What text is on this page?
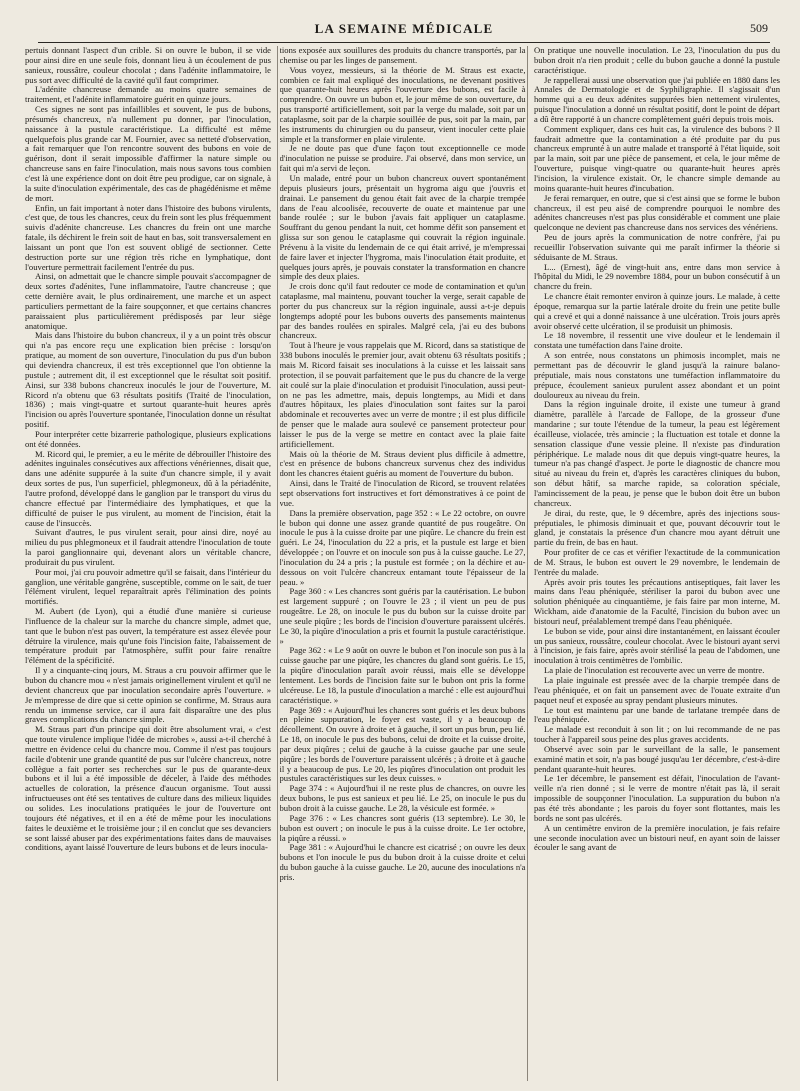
LA SEMAINE MÉDICALE	509

pertuis donnant l'aspect d'un crible. Si on ouvre le bubon, il se vide pour ainsi dire en une seule fois, donnant lieu à un écoulement de pus sanieux, roussâtre, couleur chocolat ; dans l'adénite inflammatoire, le pus sort avec difficulté de la cavité qu'il faut comprimer.

L'adénite chancreuse demande au moins quatre semaines de traitement, et l'adénite inflammatoire guérit en quinze jours.

Ces signes ne sont pas infaillibles et souvent, le pus de bubons, présumés chancreux, n'a nullement pu donner, par l'inoculation, naissance à la pustule caractéristique. La difficulté est même quelquefois plus grande car M. Fournier, avec sa netteté d'observation, a fait remarquer que l'on rencontre souvent des bubons en voie de guérison, dont il serait impossible d'affirmer la nature simple ou chancreuse sans en faire l'inoculation, mais nous savons tous combien c'est là une expérience dont on doit être peu prodigue, car on signale, à la suite d'inoculation expérimentale, des cas de phagédénisme et même de mort.

Enfin, un fait important à noter dans l'histoire des bubons virulents, c'est que, de tous les chancres, ceux du frein sont les plus fréquemment suivis d'adénite chancreuse. Les chancres du frein ont une marche fatale, ils déchirent le frein soit de haut en bas, soit transversalement en laissant un pont que l'on est souvent obligé de sectionner. Cette destruction porte sur une région très riche en lymphatique, dont l'ouverture permettrait facilement l'entrée du pus.

Ainsi, on admettait que le chancre simple pouvait s'accompagner de deux sortes d'adénites, l'une inflammatoire, l'autre chancreuse ; que cette dernière avait, le plus ordinairement, une marche et un aspect particuliers permettant de la faire soupçonner, et que certains chancres paraissaient plus particulièrement prédisposés par leur siège anatomique.

Mais dans l'histoire du bubon chancreux, il y a un point très obscur qui n'a pas encore reçu une explication bien précise : lorsqu'on pratique, au moment de son ouverture, l'inoculation du pus d'un bubon qui deviendra chancreux, il est très exceptionnel que l'on obtienne la pustule ; autrement dit, il est exceptionnel que le résultat soit positif. Ainsi, sur 338 bubons chancreux inoculés le jour de l'ouverture, M. Ricord n'a obtenu que 63 résultats positifs (Traité de l'inoculation, 1836) ; mais vingt-quatre et surtout quarante-huit heures après l'incision ou après l'ouverture spontanée, l'inoculation donne un résultat positif.

Pour interpréter cette bizarrerie pathologique, plusieurs explications ont été données.

M. Ricord qui, le premier, a eu le mérite de débrouiller l'histoire des adénites inguinales consécutives aux affections vénériennes, disait que, dans une adénite suppurée à la suite d'un chancre simple, il y avait deux sortes de pus, l'un superficiel, phlegmoneux, dû à la périadénite, l'autre profond, développé dans le ganglion par le transport du virus du chancre effectué par l'intermédiaire des lymphatiques, et que la difficulté de puiser le pus virulent, au moment de l'incision, était la cause de l'insuccès.

Suivant d'autres, le pus virulent serait, pour ainsi dire, noyé au milieu du pus phlegmoneux et il faudrait attendre l'inoculation de toute la paroi ganglionnaire qui, devenant alors un véritable chancre, produirait du pus virulent.

Pour moi, j'ai cru pouvoir admettre qu'il se faisait, dans l'intérieur du ganglion, une véritable gangrène, susceptible, comme on le sait, de tuer l'élément virulent, lequel reparaîtrait après l'élimination des points mortifiés.

M. Aubert (de Lyon), qui a étudié d'une manière si curieuse l'influence de la chaleur sur la marche du chancre simple, admet que, tant que le bubon n'est pas ouvert, la température est assez élevée pour détruire la virulence, mais qu'une fois l'incision faite, l'abaissement de température produit par l'atmosphère, suffit pour faire renaître l'élément de la spécificité.

Il y a cinquante-cinq jours, M. Straus a cru pouvoir affirmer que le bubon du chancre mou « n'est jamais originellement virulent et qu'il ne devient chancreux que par inoculation secondaire après l'ouverture. » Je m'empresse de dire que si cette opinion se confirme, M. Straus aura rendu un immense service, car il aura fait disparaître une des plus graves complications du chancre simple.

M. Straus part d'un principe qui doit être absolument vrai, « c'est que toute virulence implique l'idée de microbes », aussi a-t-il cherché à mettre en évidence celui du chancre mou. Comme il n'est pas toujours facile d'obtenir une grande quantité de pus sur l'ulcère chancreux, notre collègue a fait porter ses recherches sur le pus de quarante-deux bubons et il lui a été impossible de déceler, à l'aide des méthodes actuelles de coloration, la présence d'aucun organisme. Tout aussi infructueuses ont été ses tentatives de culture dans des milieux liquides ou solides. Les inoculations pratiquées le jour de l'ouverture ont toujours été négatives, et il en a été de même pour les inoculations faites le deuxième et le troisième jour ; il en conclut que ses devanciers se sont laissé abuser par des expérimentations faites dans de mauvaises conditions, ayant laissé l'ouverture de leurs bubons et de leurs inocula-

tions exposée aux souillures des produits du chancre transportés, par la chemise ou par les linges de pansement.

Vous voyez, messieurs, si la théorie de M. Straus est exacte, combien ce fait mal expliqué des inoculations, ne devenant positives que quarante-huit heures après l'ouverture des bubons, est facile à comprendre. On ouvre un bubon et, le jour même de son ouverture, du pus transporté artificiellement, soit par la verge du malade, soit par un cataplasme, soit par de la charpie souillée de pus, soit par la main, par les instruments du chirurgien ou du panseur, vient inoculer cette plaie simple et la transformer en plaie virulente.

Je ne doute pas que d'une façon tout exceptionnelle ce mode d'inoculation ne puisse se produire. J'ai observé, dans mon service, un fait qui m'a servi de leçon.

Un malade, entré pour un bubon chancreux ouvert spontanément depuis plusieurs jours, présentait un hygroma aigu que j'ouvris et drainai. Le pansement du genou était fait avec de la charpie trempée dans de l'eau alcoolisée, recouverte de ouate et maintenue par une bande roulée ; sur le bubon j'avais fait appliquer un cataplasme. Souffrant du genou pendant la nuit, cet homme défit son pansement et glissa sur son genou le cataplasme qui couvrait la région inguinale. Prévenu à la visite du lendemain de ce qui était arrivé, je m'empressai de faire laver et injecter l'hygroma, mais l'inoculation était produite, et quelques jours après, je pouvais constater la transformation en chancre simple des deux plaies.

Je crois donc qu'il faut redouter ce mode de contamination et qu'un cataplasme, mal maintenu, pouvant toucher la verge, serait capable de porter du pus chancreux sur la région inguinale, aussi a-t-je depuis longtemps adopté pour les bubons ouverts des pansements maintenus par des bandes roulées en spirales. Malgré cela, j'ai eu des bubons chancreux.

Tout à l'heure je vous rappelais que M. Ricord, dans sa statistique de 338 bubons inoculés le premier jour, avait obtenu 63 résultats positifs ; mais M. Ricord faisait ses inoculations à la cuisse et les laissait sans protection, il se pouvait parfaitement que le pus du chancre de la verge ait coulé sur la plaie d'inoculation et produisit l'inoculation, aussi peut-on ne pas les admettre, mais, depuis longtemps, au Midi et dans d'autres hôpitaux, les plaies d'inoculation sont faites sur la paroi abdominale et recouvertes avec un verre de montre ; il est plus difficile de penser que le malade aura soulevé ce pansement protecteur pour laisser le pus de la verge se mettre en contact avec la plaie faite artificiellement.

Mais où la théorie de M. Straus devient plus difficile à admettre, c'est en présence de bubons chancreux survenus chez des individus dont les chancres étaient guéris au moment de l'ouverture du bubon.

Ainsi, dans le Traité de l'inoculation de Ricord, se trouvent relatées sept observations fort instructives et fort démonstratives à ce point de vue.

Dans la première observation, page 352 : « Le 22 octobre, on ouvre le bubon qui donne une assez grande quantité de pus rougeâtre. On inocule le pus à la cuisse droite par une piqûre. Le chancre du frein est guéri. Le 24, l'inoculation du 22 a pris, et la pustule est large et bien développée ; on l'ouvre et on inocule son pus à la cuisse gauche. Le 27, l'inoculation du 24 a pris ; la pustule est formée ; on la déchire et au-dessous on voit l'ulcère chancreux entamant toute l'épaisseur de la peau. »

Page 360 : « Les chancres sont guéris par la cautérisation. Le bubon est largement suppuré ; on l'ouvre le 23 ; il vient un peu de pus rougeâtre. Le 28, on inocule le pus du bubon sur la cuisse droite par une seule piqûre ; les bords de l'incision d'ouverture paraissent ulcérés. Le 30, la piqûre d'inoculation a pris et fournit la pustule caractéristique. »

Page 362 : « Le 9 août on ouvre le bubon et l'on inocule son pus à la cuisse gauche par une piqûre, les chancres du gland sont guéris. Le 15, la piqûre d'inoculation paraît avoir réussi, mais elle se développe lentement. Les bords de l'incision faite sur le bubon ont pris la forme ulcéreuse. Le 18, la pustule d'inoculation a marché : elle est aujourd'hui caractéristique. »

Page 369 : « Aujourd'hui les chancres sont guéris et les deux bubons en pleine suppuration, le foyer est vaste, il y a beaucoup de décollement. On ouvre à droite et à gauche, il sort un pus brun, peu lié. Le 18, on inocule le pus des bubons, celui de droite et la cuisse droite, par deux piqûres ; celui de gauche à la cuisse gauche par une seule piqûre ; les bords de l'ouverture paraissent ulcérés ; à droite et à gauche il y a beaucoup de pus. Le 20, les piqûres d'inoculation ont produit les pustules caractéristiques sur les deux cuisses. »

Page 374 : « Aujourd'hui il ne reste plus de chancres, on ouvre les deux bubons, le pus est sanieux et peu lié. Le 25, on inocule le pus du bubon droit à la cuisse gauche. Le 28, la vésicule est formée. »

Page 376 : « Les chancres sont guéris (13 septembre). Le 30, le bubon est ouvert ; on inocule le pus à la cuisse droite. Le 1er octobre, la piqûre a réussi. »

Page 381 : « Aujourd'hui le chancre est cicatrisé ; on ouvre les deux bubons et l'on inocule le pus du bubon droit à la cuisse droite et celui du bubon gauche à la cuisse gauche. Le 20, aucune des inoculations n'a pris.

On pratique une nouvelle inoculation. Le 23, l'inoculation du pus du bubon droit n'a rien produit ; celle du bubon gauche a donné la pustule caractéristique.

Je rappellerai aussi une observation que j'ai publiée en 1880 dans les Annales de Dermatologie et de Syphiligraphie. Il s'agissait d'un homme qui a eu deux adénites suppurées bien nettement virulentes, puisque l'inoculation a donné un résultat positif, dont le point de départ a dû être rapporté à un chancre complètement guéri depuis trois mois.

Comment expliquer, dans ces huit cas, la virulence des bubons ? Il faudrait admettre que la contamination a été produite par du pus chancreux emprunté à un autre malade et transporté à l'état liquide, soit par la main, soit par une pièce de pansement, et cela, le jour même de l'ouverture, puisque vingt-quatre ou quarante-huit heures après l'incision, la virulence existait. Or, le chancre simple demande au moins quarante-huit heures d'incubation.

Je ferai remarquer, en outre, que si c'est ainsi que se forme le bubon chancreux, il est peu aisé de comprendre pourquoi le nombre des adénites chancreuses n'est pas plus considérable et comment une plaie quelconque ne devient pas chancreuse dans nos services des vénériens.

Peu de jours après la communication de notre confrère, j'ai pu recueillir l'observation suivante qui me paraît infirmer la théorie si séduisante de M. Straus.

L... (Ernest), âgé de vingt-huit ans, entre dans mon service à l'hôpital du Midi, le 29 novembre 1884, pour un bubon consécutif à un chancre du frein.

Le chancre était remonter environ à quinze jours. Le malade, à cette époque, remarqua sur la partie latérale droite du frein une petite bulle qui a crevé et qui a donné naissance à une ulcération. Trois jours après avoir observé cette ulcération, il se produisit un phimosis.

Le 18 novembre, il ressentit une vive douleur et le lendemain il constata une tuméfaction dans l'aine droite.

A son entrée, nous constatons un phimosis incomplet, mais ne permettant pas de découvrir le gland jusqu'à la rainure balano-préputiale, mais nous constatons une tuméfaction inflammatoire du prépuce, écoulement sanieux purulent assez abondant et un point douloureux au niveau du frein.

Dans la région inguinale droite, il existe une tumeur à grand diamètre, parallèle à l'arcade de Fallope, de la grosseur d'une mandarine ; sur toute l'étendue de la tumeur, la peau est légèrement écailleuse, violacée, très amincie ; la fluctuation est totale et donne la sensation classique d'une vessie pleine. Il n'existe pas d'induration périphérique. Le malade nous dit que depuis vingt-quatre heures, la tumeur n'a pas changé d'aspect. Je porte le diagnostic de chancre mou situé au niveau du frein et, d'après les caractères cliniques du bubon, son début hâtif, sa marche rapide, sa coloration spéciale, l'amincissement de la peau, je pense que le bubon doit être un bubon chancreux.

Je dirai, du reste, que, le 9 décembre, après des injections sous-préputiales, le phimosis diminuait et que, pouvant découvrir tout le gland, je constatais la présence d'un chancre mou ayant détruit une partie du frein, de bas en haut.

Pour profiter de ce cas et vérifier l'exactitude de la communication de M. Straus, le bubon est ouvert le 29 novembre, le lendemain de l'entrée du malade.

Après avoir pris toutes les précautions antiseptiques, fait laver les mains dans l'eau phéniquée, stériliser la paroi du bubon avec une solution phéniquée au cinquantième, je fais faire par mon interne, M. Wickham, aide d'anatomie de la Faculté, l'incision du bubon avec un bistouri neuf, préalablement trempé dans l'eau phéniquée.

Le bubon se vide, pour ainsi dire instantanément, en laissant écouler un pus sanieux, roussâtre, couleur chocolat. Avec le bistouri ayant servi à l'incision, je fais faire, après avoir stérilisé la peau de l'abdomen, une inoculation à trois centimètres de l'ombilic.

La plaie de l'inoculation est recouverte avec un verre de montre.

La plaie inguinale est pressée avec de la charpie trempée dans de l'eau phéniquée, et on fait un pansement avec de l'ouate extraite d'un paquet neuf et exposée au spray pendant plusieurs minutes.

Le tout est maintenu par une bande de tarlatane trempée dans de l'eau phéniquée.

Le malade est reconduit à son lit ; on lui recommande de ne pas toucher à l'appareil sous peine des plus graves accidents.

Observé avec soin par le surveillant de la salle, le pansement examiné matin et soir, n'a pas bougé jusqu'au 1er décembre, c'est-à-dire pendant quarante-huit heures.

Le 1er décembre, le pansement est défait, l'inoculation de l'avant-veille n'a rien donné ; si le verre de montre n'était pas là, il serait impossible de soupçonner l'inoculation. La suppuration du bubon n'a pas été très abondante ; les parois du foyer sont flottantes, mais les bords ne sont pas ulcérés.

A un centimètre environ de la première inoculation, je fais refaire une seconde inoculation avec un bistouri neuf, en ayant soin de laisser écouler le sang avant de
